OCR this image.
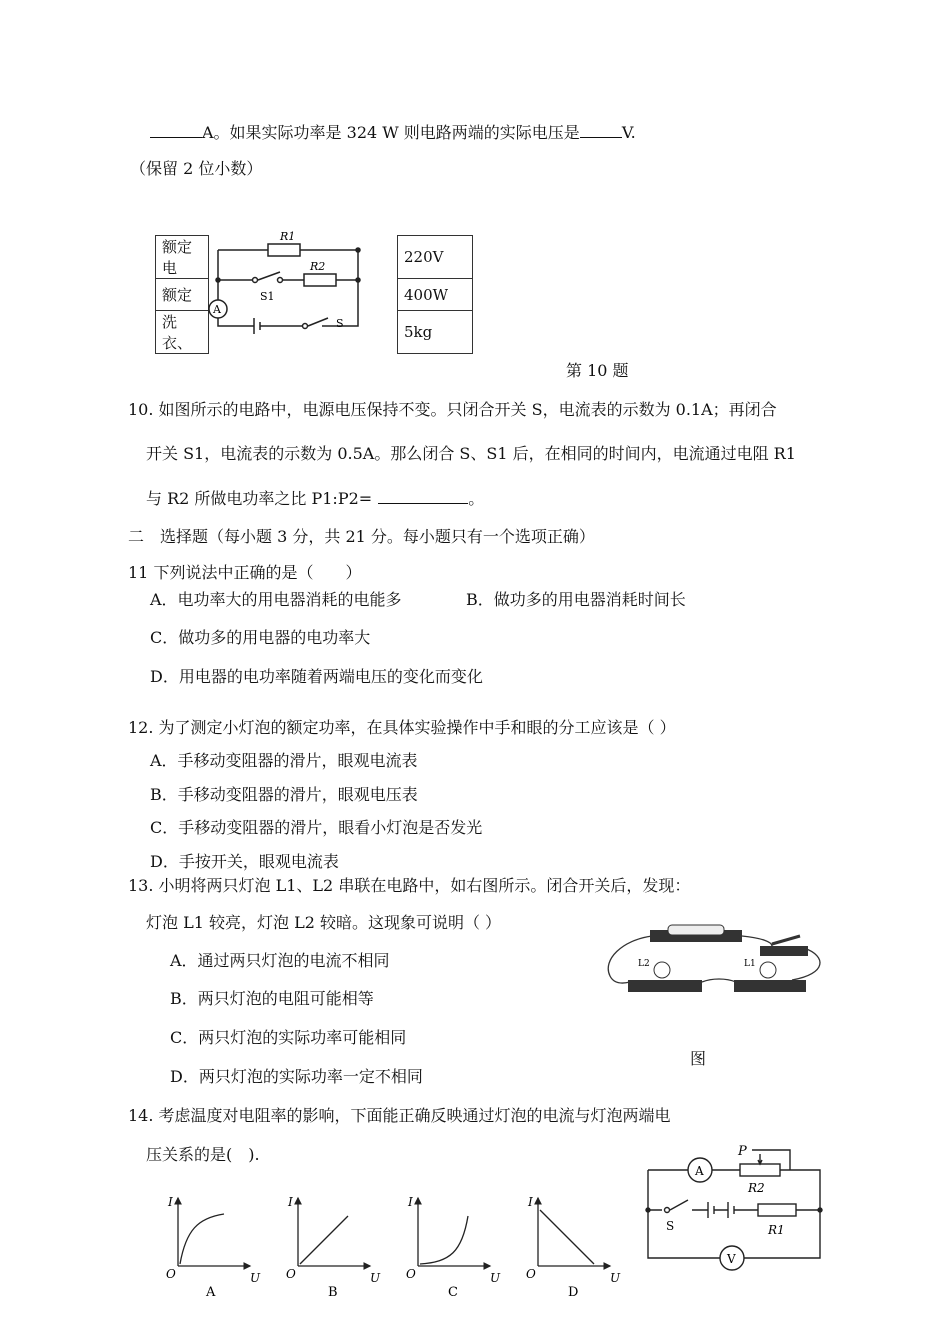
A。如果实际功率是 324 W 则电路两端的实际电压是	V.
（保留 2 位小数）
额定电		220V
额定		400W
洗衣、		5kg
R1
R2
S1
S
A
第 10 题
10. 如图所示的电路中，电源电压保持不变。只闭合开关 S，电流表的示数为 0.1A；再闭合
开关 S1，电流表的示数为 0.5A。那么闭合 S、S1 后，在相同的时间内，电流通过电阻 R1
与 R2 所做电功率之比 P1:P2=	。
二　选择题（每小题 3 分，共 21 分。每小题只有一个选项正确）
11 下列说法中正确的是（　　）
A．电功率大的用电器消耗的电能多	B．做功多的用电器消耗时间长
C．做功多的用电器的电功率大
D．用电器的电功率随着两端电压的变化而变化
12. 为了测定小灯泡的额定功率，在具体实验操作中手和眼的分工应该是（ ）
A．手移动变阻器的滑片，眼观电流表
B．手移动变阻器的滑片，眼观电压表
C．手移动变阻器的滑片，眼看小灯泡是否发光
D．手按开关，眼观电流表
13. 小明将两只灯泡 L1、L2 串联在电路中，如右图所示。闭合开关后，发现：
灯泡 L1 较亮，灯泡 L2 较暗。这现象可说明（ ）
A．通过两只灯泡的电流不相同
B．两只灯泡的电阻可能相等
C．两只灯泡的实际功率可能相同
D．两只灯泡的实际功率一定不相同
L2	L1
图
14. 考虑温度对电阻率的影响，下面能正确反映通过灯泡的电流与灯泡两端电
压关系的是(　).
I
U
O
I
U
O
I
U
O
I
U
O
A	B	C	D
A
V
P
R2
R1
S
